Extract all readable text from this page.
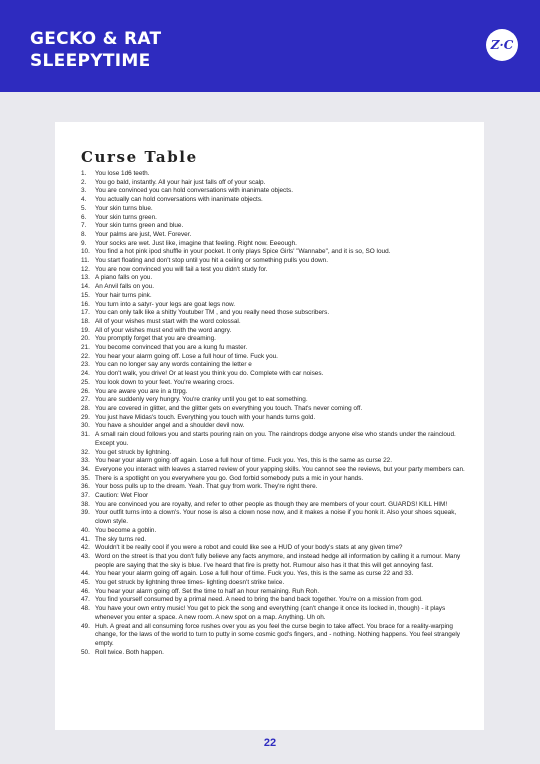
GECKO & RAT
SLEEPYTIME
Z·C
Curse Table
1. You lose 1d6 teeth.
2. You go bald, instantly. All your hair just falls off of your scalp.
3. You are convinced you can hold conversations with inanimate objects.
4. You actually can hold conversations with inanimate objects.
5. Your skin turns blue.
6. Your skin turns green.
7. Your skin turns green and blue.
8. Your palms are just, Wet. Forever.
9. Your socks are wet. Just like, imagine that feeling. Right now. Eeeough.
10. You find a hot pink ipod shuffle in your pocket. It only plays Spice Girls' "Wannabe", and it is so, SO loud.
11. You start floating and don't stop until you hit a ceiling or something pulls you down.
12. You are now convinced you will fail a test you didn't study for.
13. A piano falls on you.
14. An Anvil falls on you.
15. Your hair turns pink.
16. You turn into a satyr- your legs are goat legs now.
17. You can only talk like a shitty Youtuber TM , and you really need those subscribers.
18. All of your wishes must start with the word colossal.
19. All of your wishes must end with the word angry.
20. You promptly forget that you are dreaming.
21. You become convinced that you are a kung fu master.
22. You hear your alarm going off. Lose a full hour of time. Fuck you.
23. You can no longer say any words containing the letter e
24. You don't walk, you drive! Or at least you think you do. Complete with car noises.
25. You look down to your feet. You're wearing crocs.
26. You are aware you are in a ttrpg.
27. You are suddenly very hungry. You're cranky until you get to eat something.
28. You are covered in glitter, and the glitter gets on everything you touch. That's never coming off.
29. You just have Midas's touch. Everything you touch with your hands turns gold.
30. You have a shoulder angel and a shoulder devil now.
31. A small rain cloud follows you and starts pouring rain on you. The raindrops dodge anyone else who stands under the raincloud. Except you.
32. You get struck by lightning.
33. You hear your alarm going off again. Lose a full hour of time. Fuck you. Yes, this is the same as curse 22.
34. Everyone you interact with leaves a starred review of your yapping skills. You cannot see the reviews, but your party members can.
35. There is a spotlight on you everywhere you go. God forbid somebody puts a mic in your hands.
36. Your boss pulls up to the dream. Yeah. That guy from work. They're right there.
37. Caution: Wet Floor
38. You are convinced you are royalty, and refer to other people as though they are members of your court. GUARDS! KILL HIM!
39. Your outfit turns into a clown's. Your nose is also a clown nose now, and it makes a noise if you honk it. Also your shoes squeak, clown style.
40. You become a goblin.
41. The sky turns red.
42. Wouldn't it be really cool if you were a robot and could like see a HUD of your body's stats at any given time?
43. Word on the street is that you don't fully believe any facts anymore, and instead hedge all information by calling it a rumour. Many people are saying that the sky is blue. I've heard that fire is pretty hot. Rumour also has it that this will get annoying fast.
44. You hear your alarm going off again. Lose a full hour of time. Fuck you. Yes, this is the same as curse 22 and 33.
45. You get struck by lightning three times- lighting doesn't strike twice.
46. You hear your alarm going off. Set the time to half an hour remaining. Ruh Roh.
47. You find yourself consumed by a primal need. A need to bring the band back together. You're on a mission from god.
48. You have your own entry music! You get to pick the song and everything (can't change it once its locked in, though) - it plays whenever you enter a space. A new room. A new spot on a map. Anything. Uh oh.
49. Huh. A great and all consuming force rushes over you as you feel the curse begin to take affect. You brace for a reality-warping change, for the laws of the world to turn to putty in some cosmic god's fingers, and - nothing. Nothing happens. You feel strangely empty.
50. Roll twice. Both happen.
22
